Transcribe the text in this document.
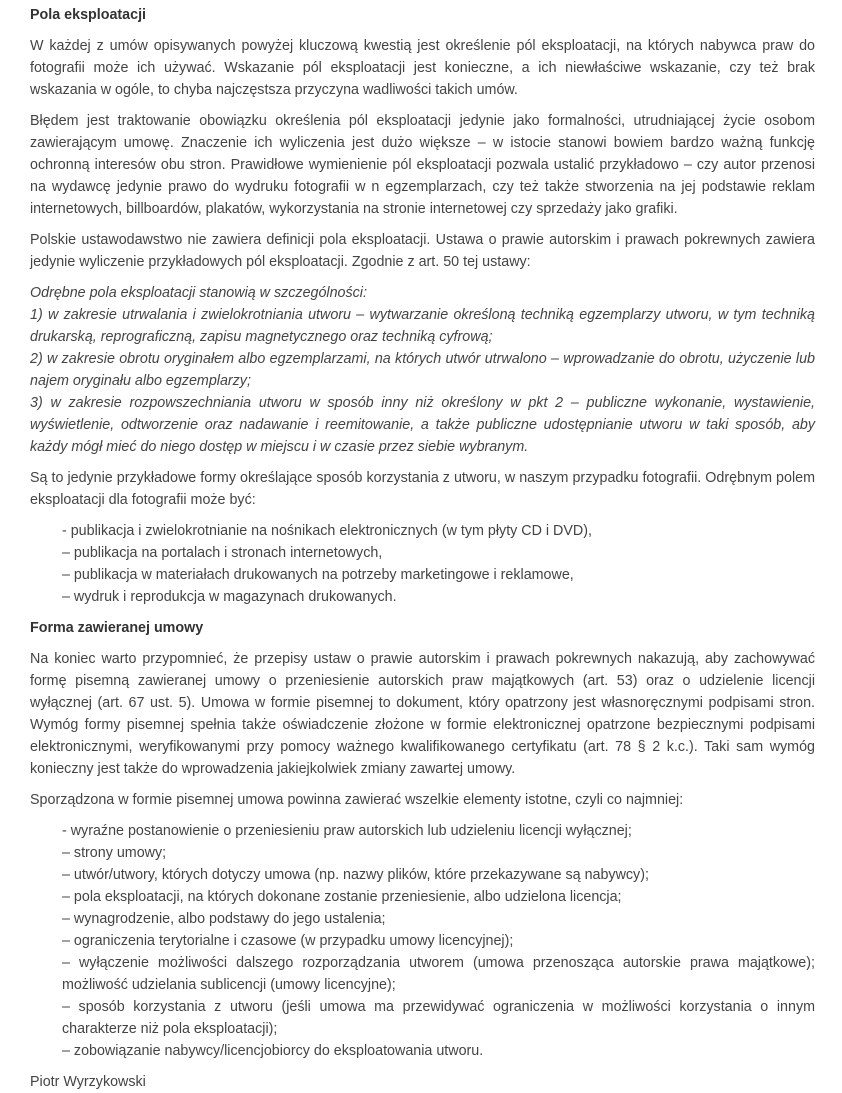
Pola eksploatacji

W każdej z umów opisywanych powyżej kluczową kwestią jest określenie pól eksploatacji, na których nabywca praw do fotografii może ich używać. Wskazanie pól eksploatacji jest konieczne, a ich niewłaściwe wskazanie, czy też brak wskazania w ogóle, to chyba najczęstsza przyczyna wadliwości takich umów.

Błędem jest traktowanie obowiązku określenia pól eksploatacji jedynie jako formalności, utrudniającej życie osobom zawierającym umowę. Znaczenie ich wyliczenia jest dużo większe – w istocie stanowi bowiem bardzo ważną funkcję ochronną interesów obu stron. Prawidłowe wymienienie pól eksploatacji pozwala ustalić przykładowo – czy autor przenosi na wydawcę jedynie prawo do wydruku fotografii w n egzemplarzach, czy też także stworzenia na jej podstawie reklam internetowych, billboardów, plakatów, wykorzystania na stronie internetowej czy sprzedaży jako grafiki.

Polskie ustawodawstwo nie zawiera definicji pola eksploatacji. Ustawa o prawie autorskim i prawach pokrewnych zawiera jedynie wyliczenie przykładowych pól eksploatacji. Zgodnie z art. 50 tej ustawy:

Odrębne pola eksploatacji stanowią w szczególności:
1) w zakresie utrwalania i zwielokrotniania utworu – wytwarzanie określoną techniką egzemplarzy utworu, w tym techniką drukarską, reprograficzną, zapisu magnetycznego oraz techniką cyfrową;
2) w zakresie obrotu oryginałem albo egzemplarzami, na których utwór utrwalono – wprowadzanie do obrotu, użyczenie lub najem oryginału albo egzemplarzy;
3) w zakresie rozpowszechniania utworu w sposób inny niż określony w pkt 2 – publiczne wykonanie, wystawienie, wyświetlenie, odtworzenie oraz nadawanie i reemitowanie, a także publiczne udostępnianie utworu w taki sposób, aby każdy mógł mieć do niego dostęp w miejscu i w czasie przez siebie wybranym.

Są to jedynie przykładowe formy określające sposób korzystania z utworu, w naszym przypadku fotografii. Odrębnym polem eksploatacji dla fotografii może być:

- publikacja i zwielokrotnianie na nośnikach elektronicznych (w tym płyty CD i DVD),
– publikacja na portalach i stronach internetowych,
– publikacja w materiałach drukowanych na potrzeby marketingowe i reklamowe,
– wydruk i reprodukcja w magazynach drukowanych.
Forma zawieranej umowy

Na koniec warto przypomnieć, że przepisy ustaw o prawie autorskim i prawach pokrewnych nakazują, aby zachowywać formę pisemną zawieranej umowy o przeniesienie autorskich praw majątkowych (art. 53) oraz o udzielenie licencji wyłącznej (art. 67 ust. 5). Umowa w formie pisemnej to dokument, który opatrzony jest własnoręcznymi podpisami stron. Wymóg formy pisemnej spełnia także oświadczenie złożone w formie elektronicznej opatrzone bezpiecznymi podpisami elektronicznymi, weryfikowanymi przy pomocy ważnego kwalifikowanego certyfikatu (art. 78 § 2 k.c.). Taki sam wymóg konieczny jest także do wprowadzenia jakiejkolwiek zmiany zawartej umowy.

Sporządzona w formie pisemnej umowa powinna zawierać wszelkie elementy istotne, czyli co najmniej:

- wyraźne postanowienie o przeniesieniu praw autorskich lub udzieleniu licencji wyłącznej;
– strony umowy;
– utwór/utwory, których dotyczy umowa (np. nazwy plików, które przekazywane są nabywcy);
– pola eksploatacji, na których dokonane zostanie przeniesienie, albo udzielona licencja;
– wynagrodzenie, albo podstawy do jego ustalenia;
– ograniczenia terytorialne i czasowe (w przypadku umowy licencyjnej);
– wyłączenie możliwości dalszego rozporządzania utworem (umowa przenosząca autorskie prawa majątkowe); możliwość udzielania sublicencji (umowy licencyjne);
– sposób korzystania z utworu (jeśli umowa ma przewidywać ograniczenia w możliwości korzystania o innym charakterze niż pola eksploatacji);
– zobowiązanie nabywcy/licencjobiorcy do eksploatowania utworu.

Piotr Wyrzykowski
